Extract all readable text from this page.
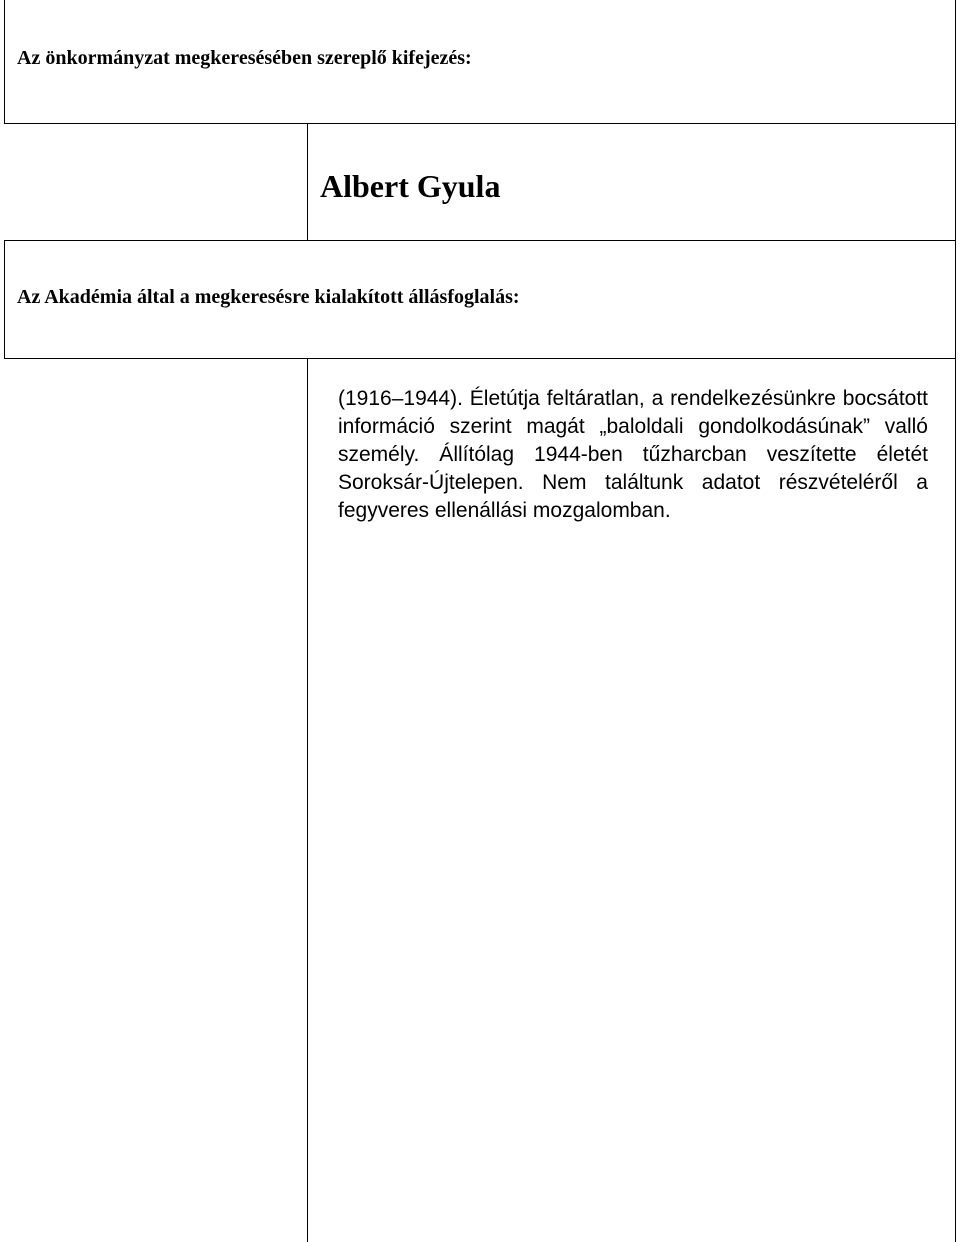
Az önkormányzat megkeresésében szereplő kifejezés:
Albert Gyula
Az Akadémia által a megkeresésre kialakított állásfoglalás:

(1916–1944). Életútja feltáratlan, a rendelkezésünkre bocsátott információ szerint magát „baloldali gondolkodásúnak” valló személy. Állítólag 1944-ben tűzharcban veszítette életét Soroksár-Újtelepen. Nem találtunk adatot részvételéről a fegyveres ellenállási mozgalomban.
